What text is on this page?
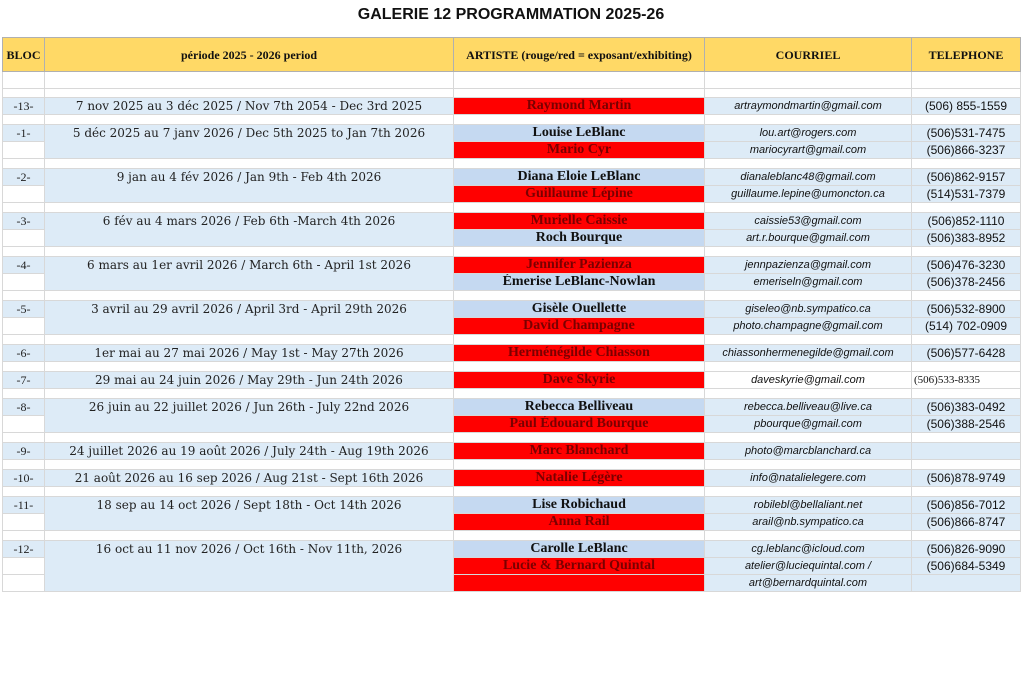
GALERIE 12 PROGRAMMATION 2025-26
BLOC	période 2025 - 2026 period	ARTISTE (rouge/red = exposant/exhibiting)	COURRIEL	TELEPHONE

-13-	7 nov 2025 au 3 déc 2025 / Nov 7th 2054 - Dec 3rd 2025	Raymond Martin	artraymondmartin@gmail.com	(506) 855-1559

-1-	5 déc 2025 au 7 janv 2026 / Dec 5th 2025 to Jan 7th 2026	Louise LeBlanc	lou.art@rogers.com	(506)531-7475
		Mario Cyr	mariocyrart@gmail.com	(506)866-3237

-2-	9 jan au 4 fév 2026 / Jan 9th - Feb 4th 2026	Diana Eloie LeBlanc	dianaleblanc48@gmail.com	(506)862-9157
		Guillaume Lépine	guillaume.lepine@umoncton.ca	(514)531-7379

-3-	6 fév au 4 mars 2026 / Feb 6th -March 4th 2026	Murielle Caissie	caissie53@gmail.com	(506)852-1110
		Roch Bourque	art.r.bourque@gmail.com	(506)383-8952

-4-	6 mars au 1er avril 2026 / March 6th - April 1st 2026	Jennifer Pazienza	jennpazienza@gmail.com	(506)476-3230
		Émerise LeBlanc-Nowlan	emeriseln@gmail.com	(506)378-2456

-5-	3 avril au 29 avril 2026 / April 3rd - April 29th 2026	Gisèle Ouellette	giseleo@nb.sympatico.ca	(506)532-8900
		David Champagne	photo.champagne@gmail.com	(514) 702-0909

-6-	1er mai au 27 mai 2026 / May 1st - May 27th 2026	Herménégilde Chiasson	chiassonhermenegilde@gmail.com	(506)577-6428

-7-	29 mai au 24 juin 2026 / May 29th - Jun 24th 2026	Dave Skyrie	daveskyrie@gmail.com	(506)533-8335

-8-	26 juin au 22 juillet 2026 / Jun 26th - July 22nd 2026	Rebecca Belliveau	rebecca.belliveau@live.ca	(506)383-0492
		Paul Édouard Bourque	pbourque@gmail.com	(506)388-2546

-9-	24 juillet 2026 au 19 août 2026 / July 24th - Aug 19th 2026	Marc Blanchard	photo@marcblanchard.ca	

-10-	21 août 2026 au 16 sep 2026 / Aug 21st - Sept 16th 2026	Natalie Légère	info@natalielegere.com	(506)878-9749

-11-	18 sep au 14 oct 2026 / Sept 18th - Oct 14th 2026	Lise Robichaud	robilebl@bellaliant.net	(506)856-7012
		Anna Rail	arail@nb.sympatico.ca	(506)866-8747

-12-	16 oct au 11 nov 2026 / Oct 16th - Nov 11th, 2026	Carolle LeBlanc	cg.leblanc@icloud.com	(506)826-9090
		Lucie & Bernard Quintal	atelier@luciequintal.com /	(506)684-5349
			art@bernardquintal.com	
